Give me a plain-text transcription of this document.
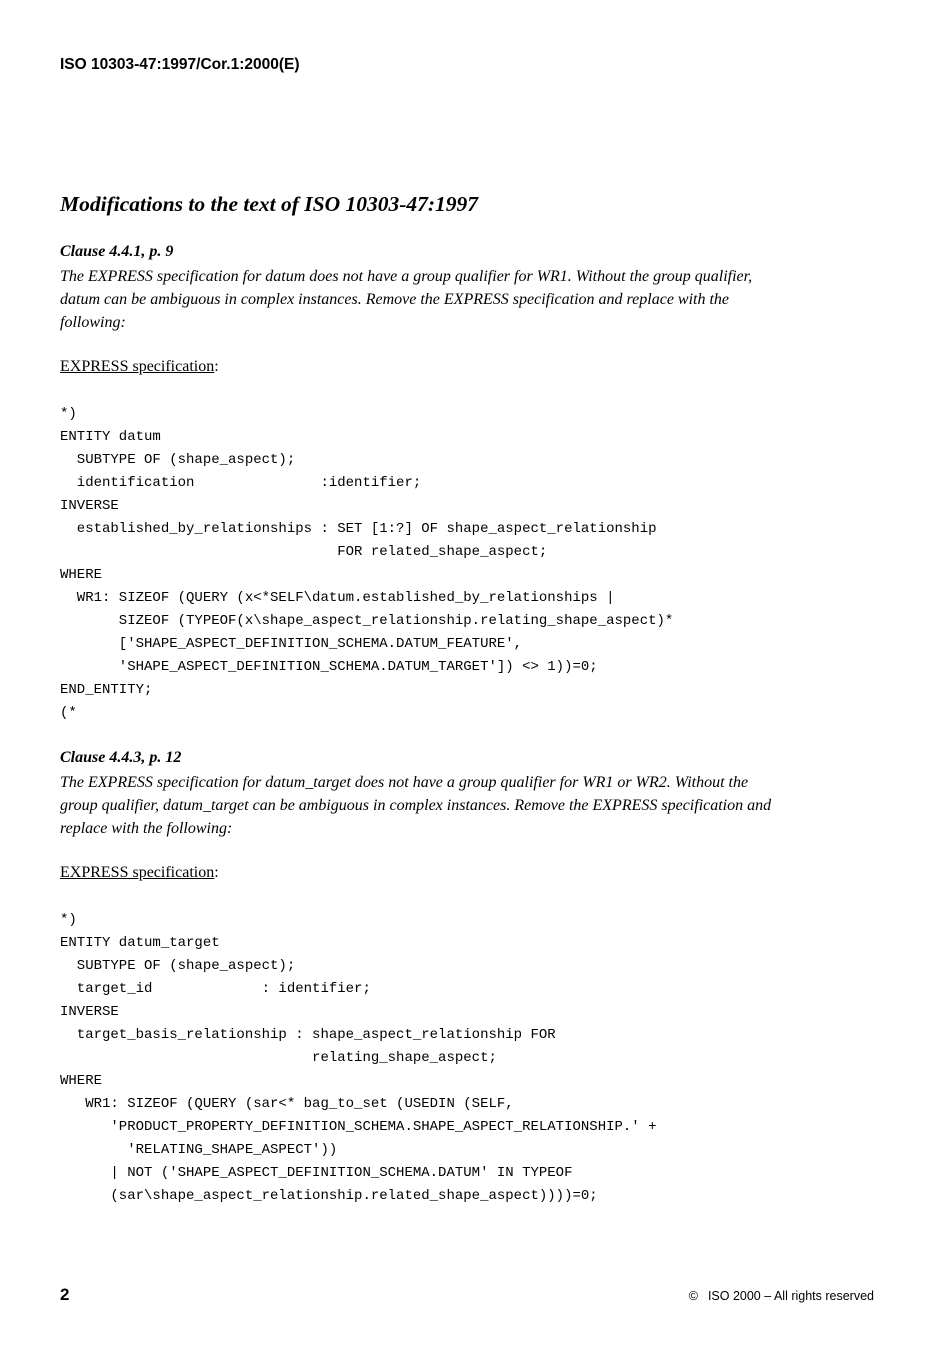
ISO 10303-47:1997/Cor.1:2000(E)
Modifications to the text of ISO 10303-47:1997
Clause 4.4.1, p. 9
The EXPRESS specification for datum does not have a group qualifier for WR1. Without the group qualifier, datum can be ambiguous in complex instances. Remove the EXPRESS specification and replace with the following:
EXPRESS specification:
*)
ENTITY datum
SUBTYPE OF (shape_aspect);
identification               :identifier;
INVERSE
established_by_relationships : SET [1:?] OF shape_aspect_relationship
FOR related_shape_aspect;
WHERE
WR1: SIZEOF (QUERY (x<*SELF\datum.established_by_relationships |
SIZEOF (TYPEOF(x\shape_aspect_relationship.relating_shape_aspect)*
['SHAPE_ASPECT_DEFINITION_SCHEMA.DATUM_FEATURE',
'SHAPE_ASPECT_DEFINITION_SCHEMA.DATUM_TARGET']) <> 1))=0;
END_ENTITY;
(*
Clause 4.4.3, p. 12
The EXPRESS specification for datum_target does not have a group qualifier for WR1 or WR2. Without the group qualifier, datum_target can be ambiguous in complex instances. Remove the EXPRESS specification and replace with the following:
EXPRESS specification:
*)
ENTITY datum_target
SUBTYPE OF (shape_aspect);
target_id             : identifier;
INVERSE
target_basis_relationship : shape_aspect_relationship FOR
relating_shape_aspect;
WHERE
WR1: SIZEOF (QUERY (sar<* bag_to_set (USEDIN (SELF,
'PRODUCT_PROPERTY_DEFINITION_SCHEMA.SHAPE_ASPECT_RELATIONSHIP.' +
'RELATING_SHAPE_ASPECT'))
| NOT ('SHAPE_ASPECT_DEFINITION_SCHEMA.DATUM' IN TYPEOF
(sar\shape_aspect_relationship.related_shape_aspect))))=0;
2	© ISO 2000 – All rights reserved
